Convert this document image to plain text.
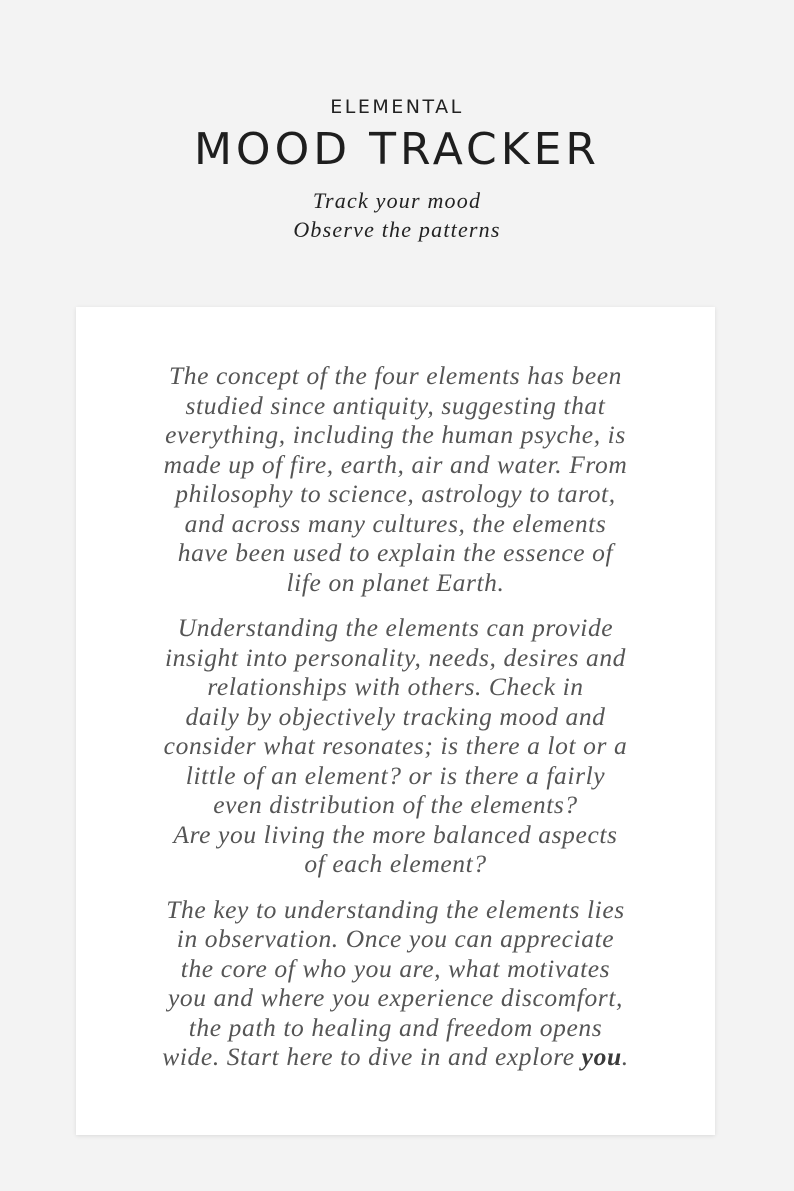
ELEMENTAL
MOOD TRACKER
Track your mood
Observe the patterns

The concept of the four elements has been
studied since antiquity, suggesting that
everything, including the human psyche, is
made up of fire, earth, air and water. From
philosophy to science, astrology to tarot,
and across many cultures, the elements
have been used to explain the essence of
life on planet Earth.

Understanding the elements can provide
insight into personality, needs, desires and
relationships with others. Check in
daily by objectively tracking mood and
consider what resonates; is there a lot or a
little of an element? or is there a fairly
even distribution of the elements?
Are you living the more balanced aspects
of each element?

The key to understanding the elements lies
in observation. Once you can appreciate
the core of who you are, what motivates
you and where you experience discomfort,
the path to healing and freedom opens
wide. Start here to dive in and explore you.
